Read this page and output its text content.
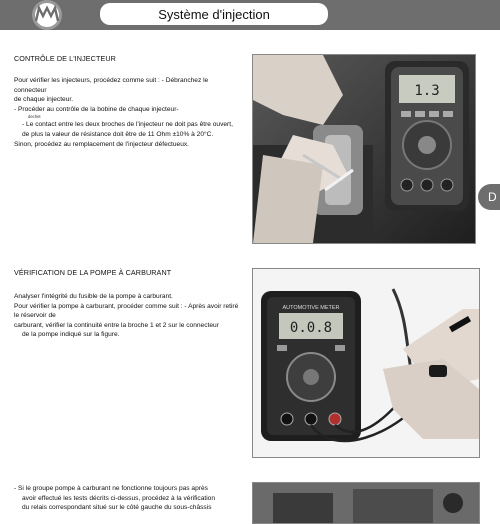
Système d'injection
CONTRÔLE DE L'INJECTEUR
Pour vérifier les injecteurs, procédez comme suit : - Débranchez le connecteur
de chaque injecteur.
- Procéder au contrôle de la bobine de chaque injecteur-
dechet
- Le contact entre les deux broches de l'injecteur ne doit pas être ouvert, de plus la valeur de résistance doit être de 11 Ohm ±10% à 20°C.
Sinon, procédez au remplacement de l'injecteur défectueux.
1.3
D
VÉRIFICATION DE LA POMPE À CARBURANT
Analyser l'intégrité du fusible de la pompe à carburant.
Pour vérifier la pompe à carburant, procéder comme suit : - Après avoir retiré le réservoir de
carburant, vérifier la continuité entre la broche 1 et 2 sur le connecteur
de la pompe indiqué sur la figure.
AUTOMOTIVE METER
0.0.8
- Si le groupe pompe à carburant ne fonctionne toujours pas après
avoir effectué les tests décrits ci-dessus, procédez à la vérification
du relais correspondant situé sur le côté gauche du sous-châssis
